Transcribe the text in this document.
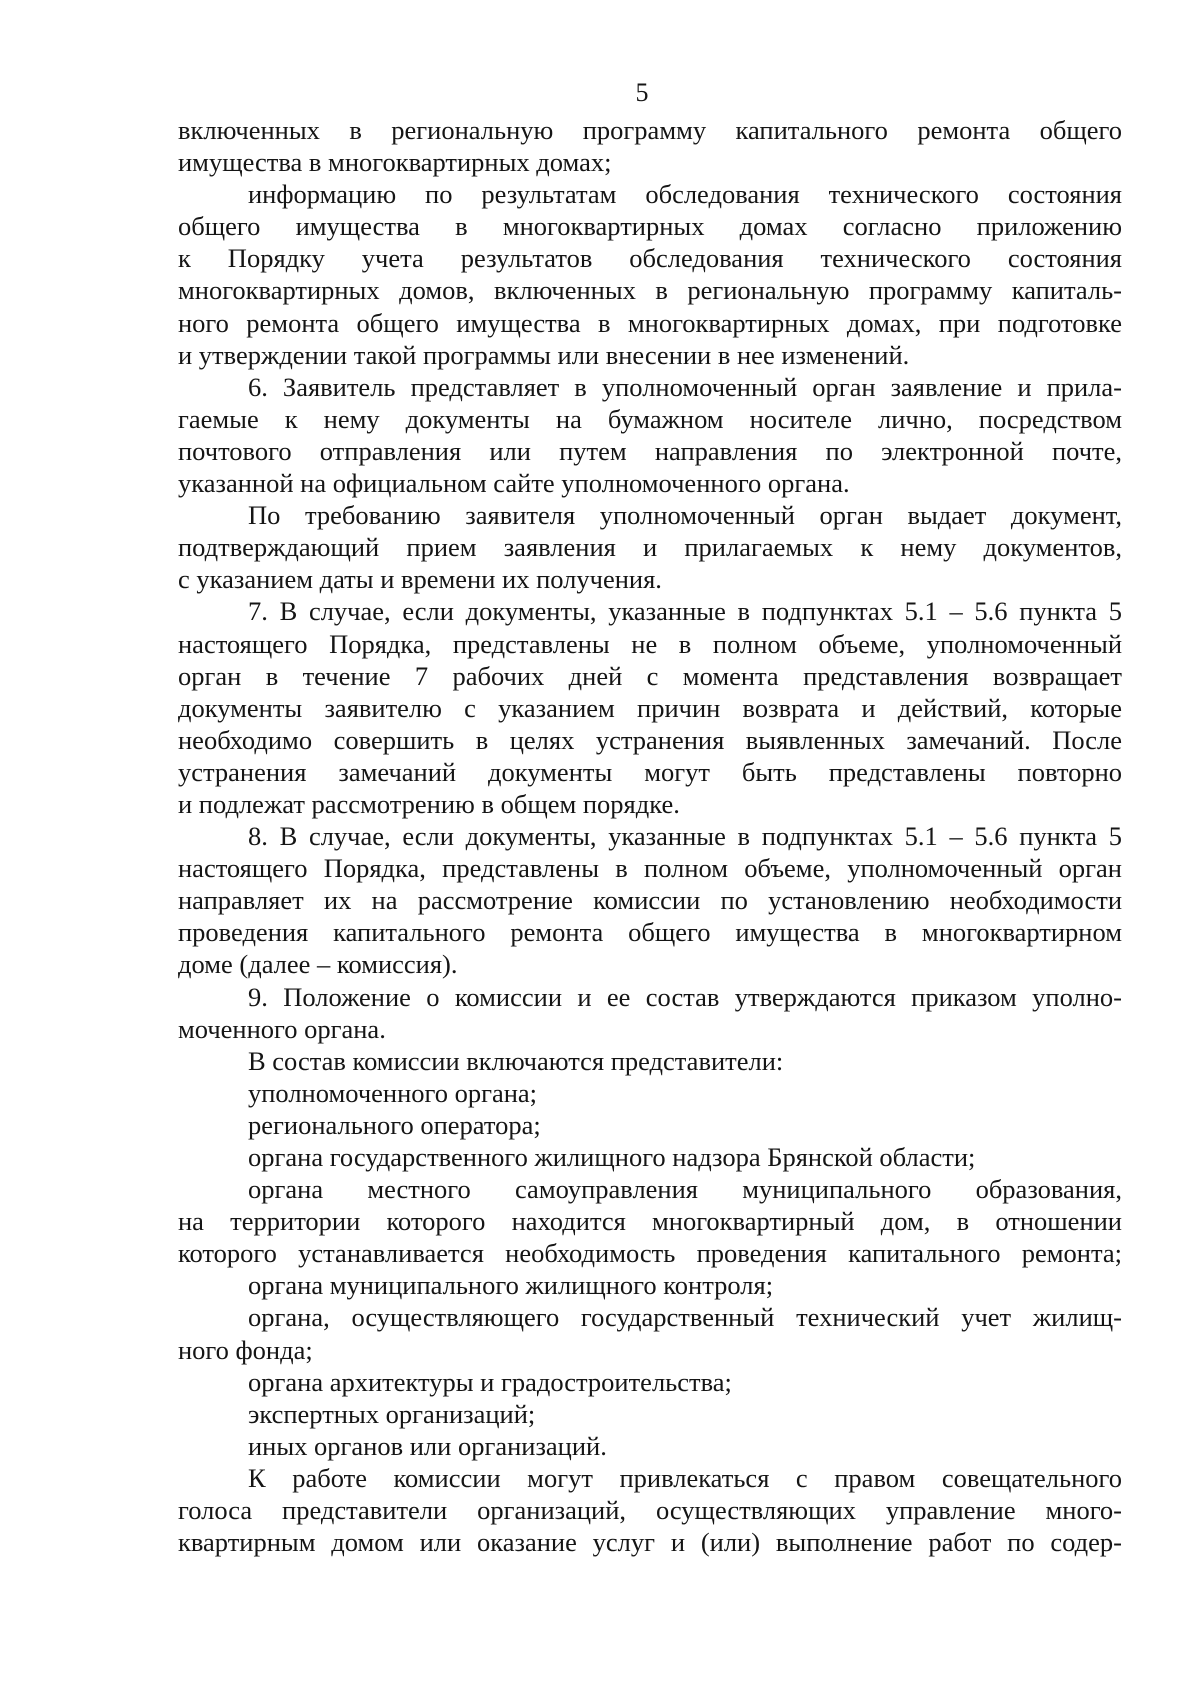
5
включенных в региональную программу капитального ремонта общего
имущества в многоквартирных домах;
информацию по результатам обследования технического состояния
общего имущества в многоквартирных домах согласно приложению
к Порядку учета результатов обследования технического состояния
многоквартирных домов, включенных в региональную программу капиталь-
ного ремонта общего имущества в многоквартирных домах, при подготовке
и утверждении такой программы или внесении в нее изменений.
6. Заявитель представляет в уполномоченный орган заявление и прила-
гаемые к нему документы на бумажном носителе лично, посредством
почтового отправления или путем направления по электронной почте,
указанной на официальном сайте уполномоченного органа.
По требованию заявителя уполномоченный орган выдает документ,
подтверждающий прием заявления и прилагаемых к нему документов,
с указанием даты и времени их получения.
7. В случае, если документы, указанные в подпунктах 5.1 – 5.6 пункта 5
настоящего Порядка, представлены не в полном объеме, уполномоченный
орган в течение 7 рабочих дней с момента представления возвращает
документы заявителю с указанием причин возврата и действий, которые
необходимо совершить в целях устранения выявленных замечаний. После
устранения замечаний документы могут быть представлены повторно
и подлежат рассмотрению в общем порядке.
8. В случае, если документы, указанные в подпунктах 5.1 – 5.6 пункта 5
настоящего Порядка, представлены в полном объеме, уполномоченный орган
направляет их на рассмотрение комиссии по установлению необходимости
проведения капитального ремонта общего имущества в многоквартирном
доме (далее – комиссия).
9. Положение о комиссии и ее состав утверждаются приказом уполно-
моченного органа.
В состав комиссии включаются представители:
уполномоченного органа;
регионального оператора;
органа государственного жилищного надзора Брянской области;
органа местного самоуправления муниципального образования,
на территории которого находится многоквартирный дом, в отношении
которого устанавливается необходимость проведения капитального ремонта;
органа муниципального жилищного контроля;
органа, осуществляющего государственный технический учет жилищ-
ного фонда;
органа архитектуры и градостроительства;
экспертных организаций;
иных органов или организаций.
К работе комиссии могут привлекаться с правом совещательного
голоса представители организаций, осуществляющих управление много-
квартирным домом или оказание услуг и (или) выполнение работ по содер-
